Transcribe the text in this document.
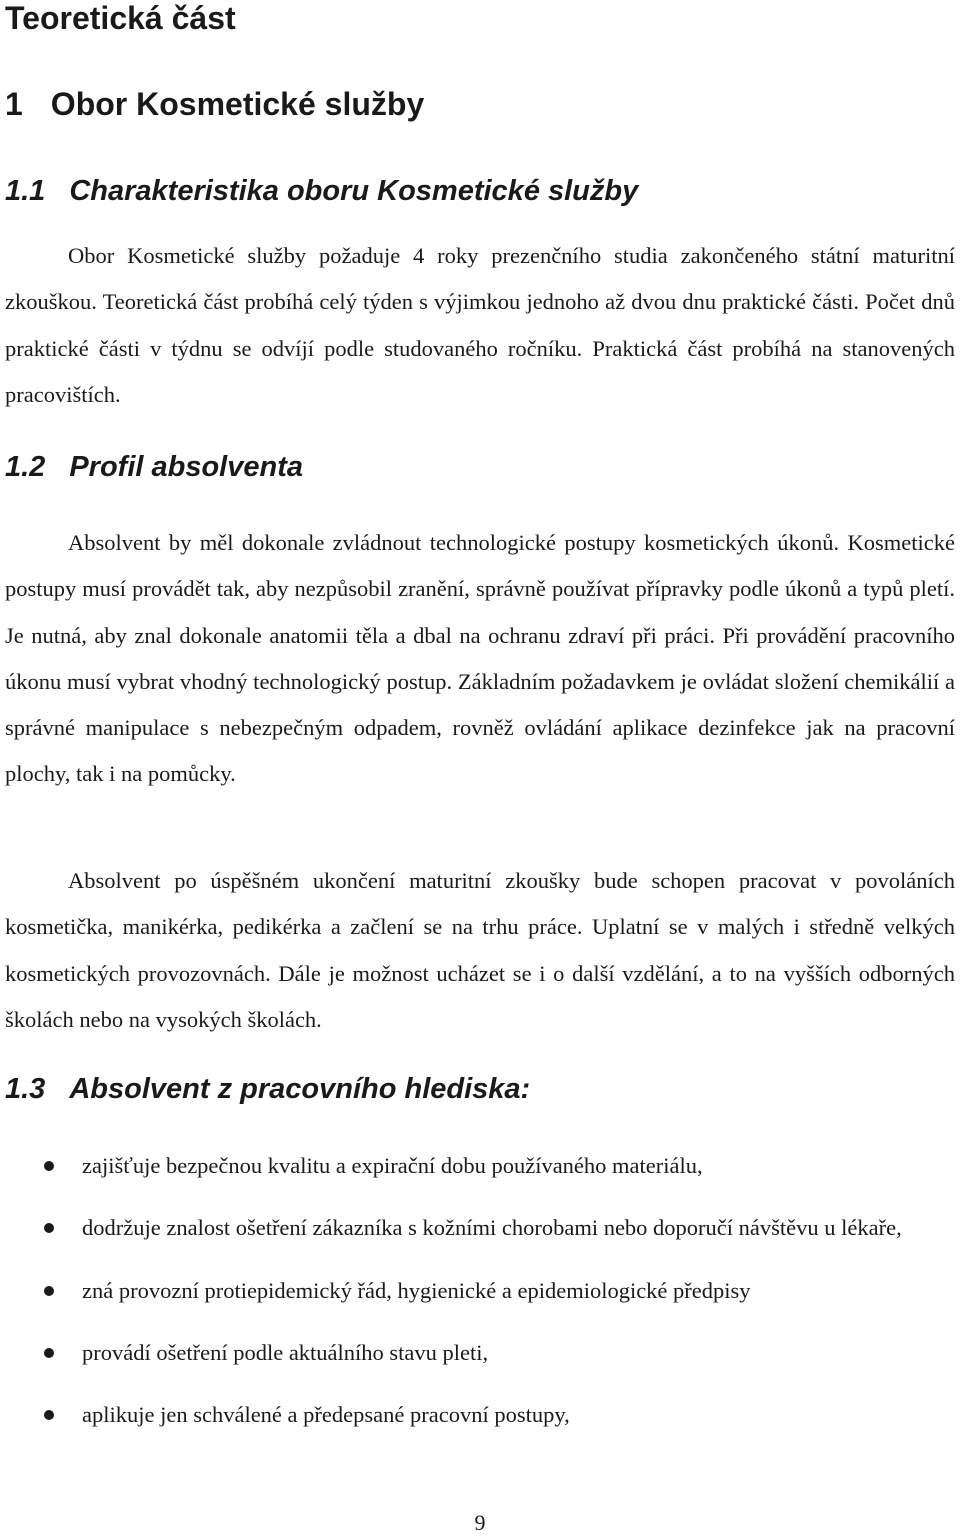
Teoretická část
1 Obor Kosmetické služby
1.1 Charakteristika oboru Kosmetické služby

Obor Kosmetické služby požaduje 4 roky prezenčního studia zakončeného státní maturitní zkouškou. Teoretická část probíhá celý týden s výjimkou jednoho až dvou dnu praktické části. Počet dnů praktické části v týdnu se odvíjí podle studovaného ročníku. Praktická část probíhá na stanovených pracovištích.

1.2 Profil absolventa

Absolvent by měl dokonale zvládnout technologické postupy kosmetických úkonů. Kosmetické postupy musí provádět tak, aby nezpůsobil zranění, správně používat přípravky podle úkonů a typů pletí. Je nutná, aby znal dokonale anatomii těla a dbal na ochranu zdraví při práci. Při provádění pracovního úkonu musí vybrat vhodný technologický postup. Základním požadavkem je ovládat složení chemikálií a správné manipulace s nebezpečným odpadem, rovněž ovládání aplikace dezinfekce jak na pracovní plochy, tak i na pomůcky.

Absolvent po úspěšném ukončení maturitní zkoušky bude schopen pracovat v povoláních kosmetička, manikérka, pedikérka a začlení se na trhu práce. Uplatní se v malých i středně velkých kosmetických provozovnách. Dále je možnost ucházet se i o další vzdělání, a to na vyšších odborných školách nebo na vysokých školách.

1.3 Absolvent z pracovního hlediska:
zajišťuje bezpečnou kvalitu a expirační dobu používaného materiálu,
dodržuje znalost ošetření zákazníka s kožními chorobami nebo doporučí návštěvu u lékaře,
zná provozní protiepidemický řád, hygienické a epidemiologické předpisy
provádí ošetření podle aktuálního stavu pleti,
aplikuje jen schválené a předepsané pracovní postupy,
9
